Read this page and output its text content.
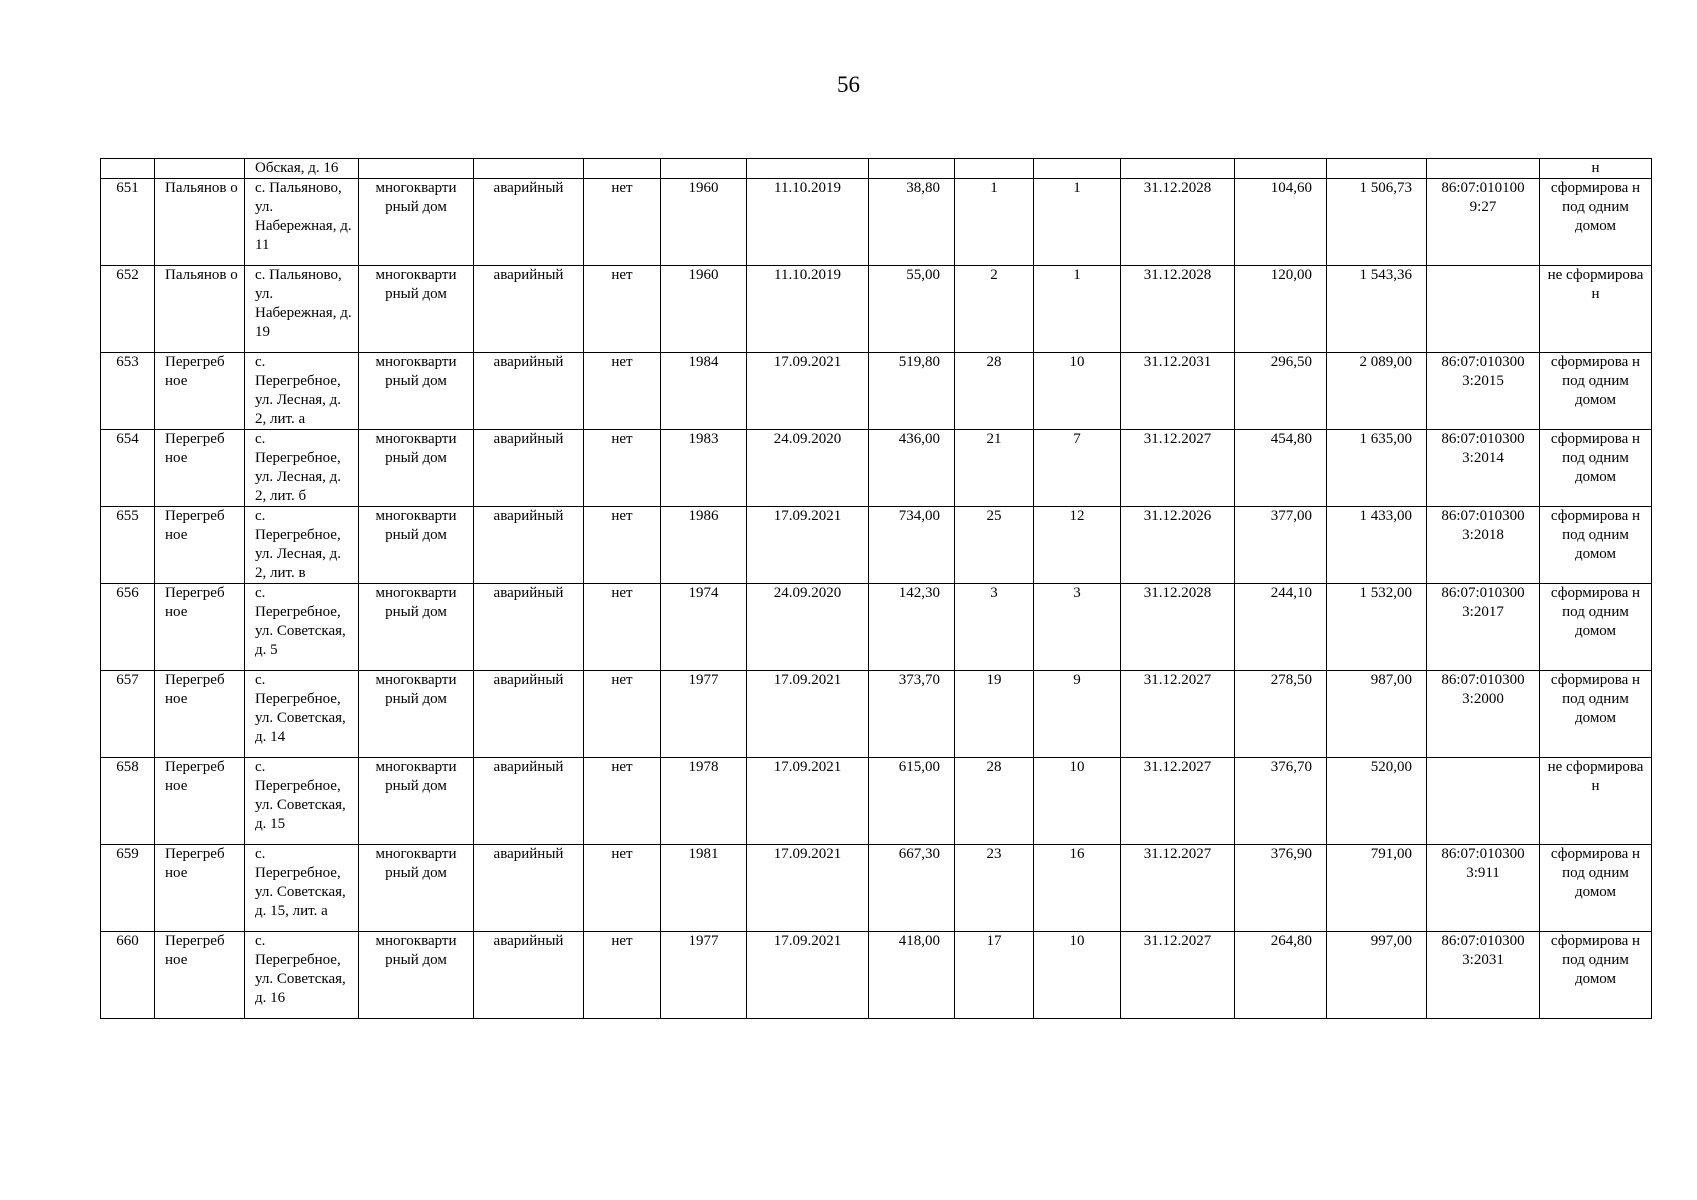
56
		Обская, д. 16													н
651	Пальянов о	с. Пальяново, ул. Набережная, д. 11	многокварти рный дом	аварийный	нет	1960	11.10.2019	38,80	1	1	31.12.2028	104,60	1 506,73	86:07:010100 9:27	сформирова н под одним домом
652	Пальянов о	с. Пальяново, ул. Набережная, д. 19	многокварти рный дом	аварийный	нет	1960	11.10.2019	55,00	2	1	31.12.2028	120,00	1 543,36		не сформирова н
653	Перегреб ное	с. Перегребное, ул. Лесная, д. 2, лит. а	многокварти рный дом	аварийный	нет	1984	17.09.2021	519,80	28	10	31.12.2031	296,50	2 089,00	86:07:010300 3:2015	сформирова н под одним домом
654	Перегреб ное	с. Перегребное, ул. Лесная, д. 2, лит. б	многокварти рный дом	аварийный	нет	1983	24.09.2020	436,00	21	7	31.12.2027	454,80	1 635,00	86:07:010300 3:2014	сформирова н под одним домом
655	Перегреб ное	с. Перегребное, ул. Лесная, д. 2, лит. в	многокварти рный дом	аварийный	нет	1986	17.09.2021	734,00	25	12	31.12.2026	377,00	1 433,00	86:07:010300 3:2018	сформирова н под одним домом
656	Перегреб ное	с. Перегребное, ул. Советская, д. 5	многокварти рный дом	аварийный	нет	1974	24.09.2020	142,30	3	3	31.12.2028	244,10	1 532,00	86:07:010300 3:2017	сформирова н под одним домом
657	Перегреб ное	с. Перегребное, ул. Советская, д. 14	многокварти рный дом	аварийный	нет	1977	17.09.2021	373,70	19	9	31.12.2027	278,50	987,00	86:07:010300 3:2000	сформирова н под одним домом
658	Перегреб ное	с. Перегребное, ул. Советская, д. 15	многокварти рный дом	аварийный	нет	1978	17.09.2021	615,00	28	10	31.12.2027	376,70	520,00		не сформирова н
659	Перегреб ное	с. Перегребное, ул. Советская, д. 15, лит. а	многокварти рный дом	аварийный	нет	1981	17.09.2021	667,30	23	16	31.12.2027	376,90	791,00	86:07:010300 3:911	сформирова н под одним домом
660	Перегреб ное	с. Перегребное, ул. Советская, д. 16	многокварти рный дом	аварийный	нет	1977	17.09.2021	418,00	17	10	31.12.2027	264,80	997,00	86:07:010300 3:2031	сформирова н под одним домом
